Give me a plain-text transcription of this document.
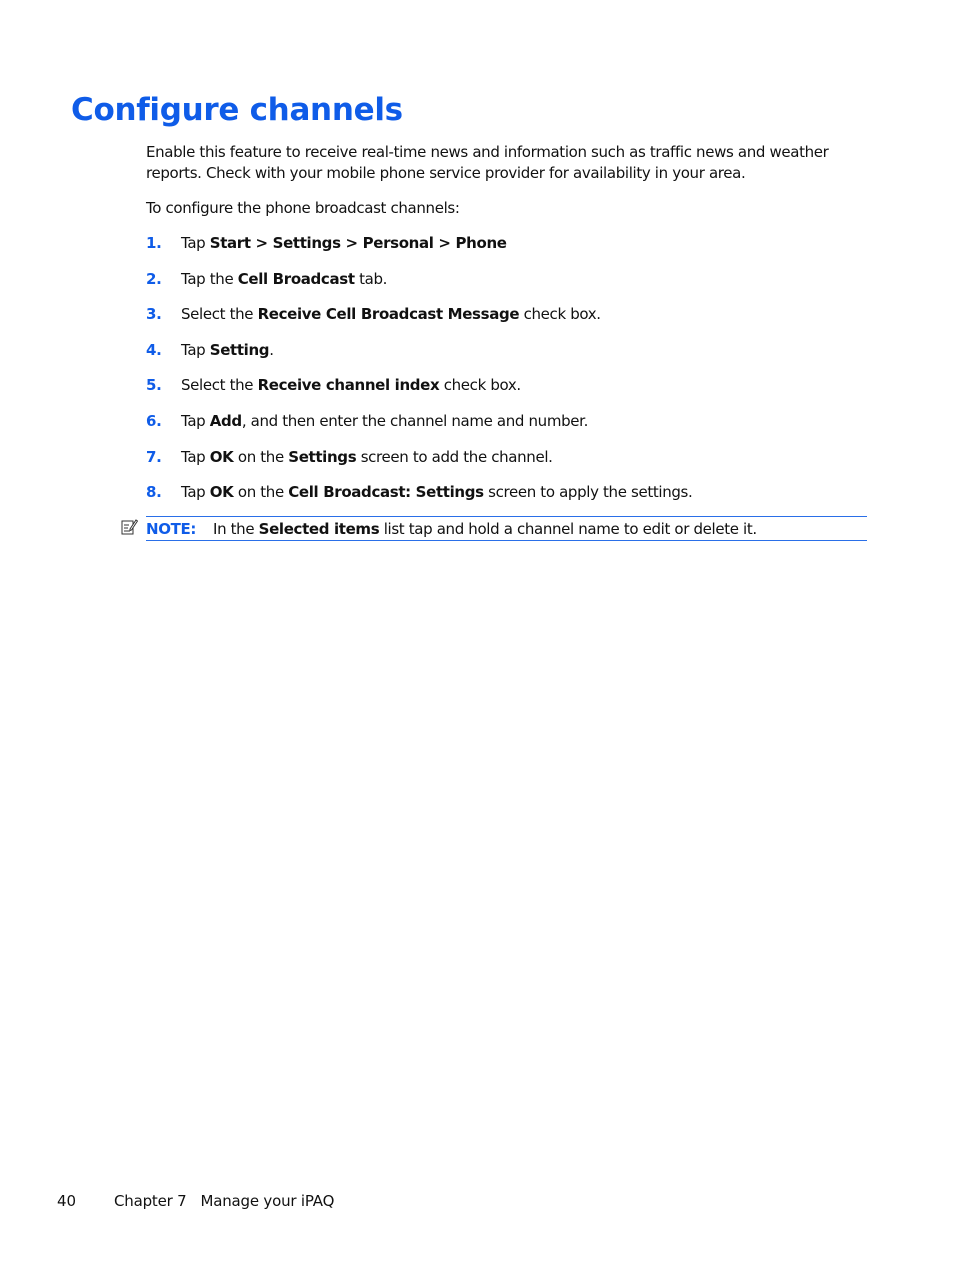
Configure channels

Enable this feature to receive real-time news and information such as traffic news and weather reports. Check with your mobile phone service provider for availability in your area.

To configure the phone broadcast channels:

1. Tap Start > Settings > Personal > Phone
2. Tap the Cell Broadcast tab.
3. Select the Receive Cell Broadcast Message check box.
4. Tap Setting.
5. Select the Receive channel index check box.
6. Tap Add, and then enter the channel name and number.
7. Tap OK on the Settings screen to add the channel.
8. Tap OK on the Cell Broadcast: Settings screen to apply the settings.
NOTE: In the Selected items list tap and hold a channel name to edit or delete it.
40	Chapter 7 Manage your iPAQ
